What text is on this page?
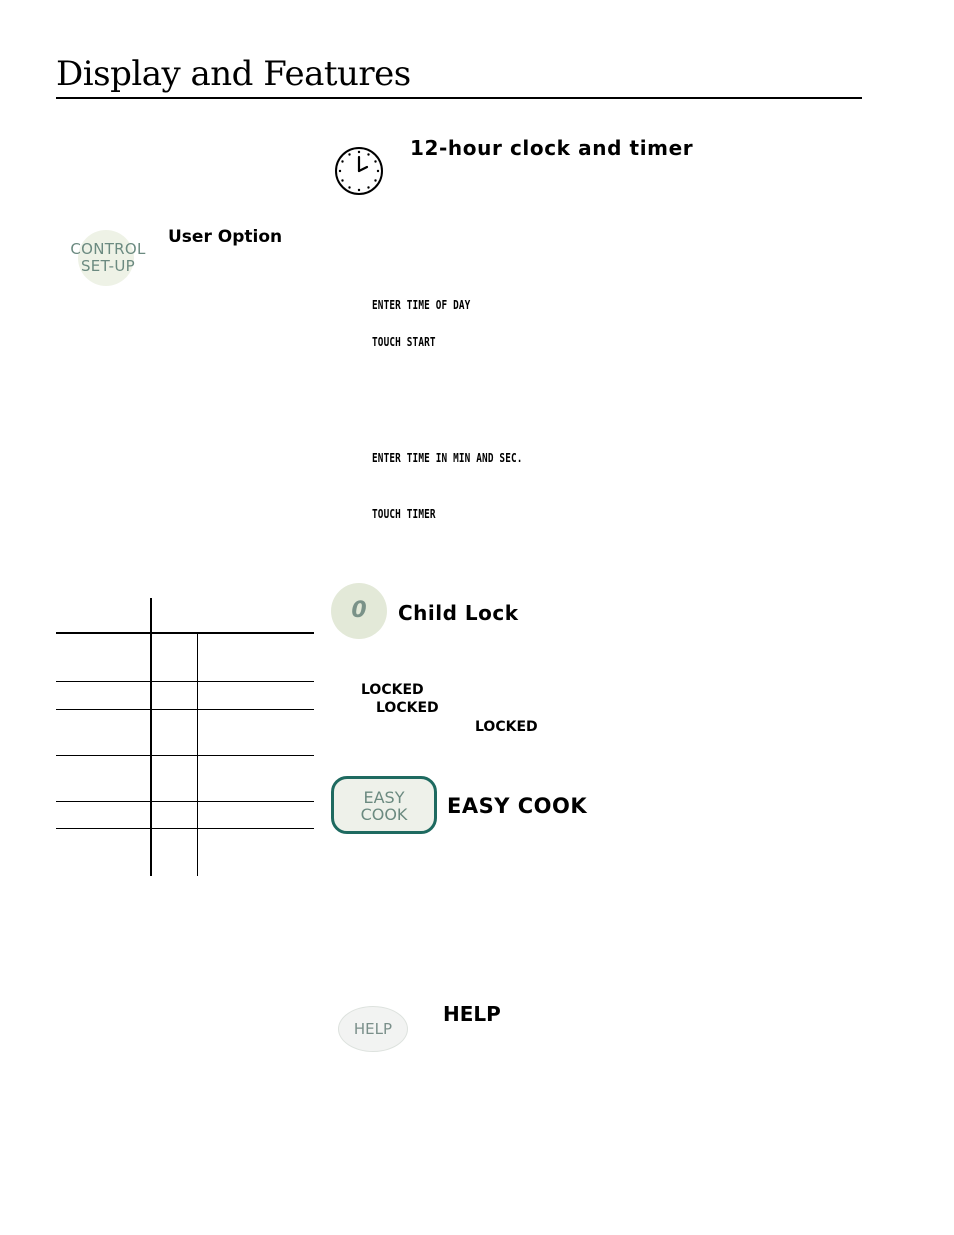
Display and Features
12-hour clock and timer
ENTER TIME OF DAY
TOUCH START
ENTER TIME IN MIN AND SEC.
TOUCH TIMER
CONTROL
SET-UP
User Option
0	Child Lock
LOCKED
LOCKED
LOCKED
EASY
COOK	EASY COOK
HELP
HELP
